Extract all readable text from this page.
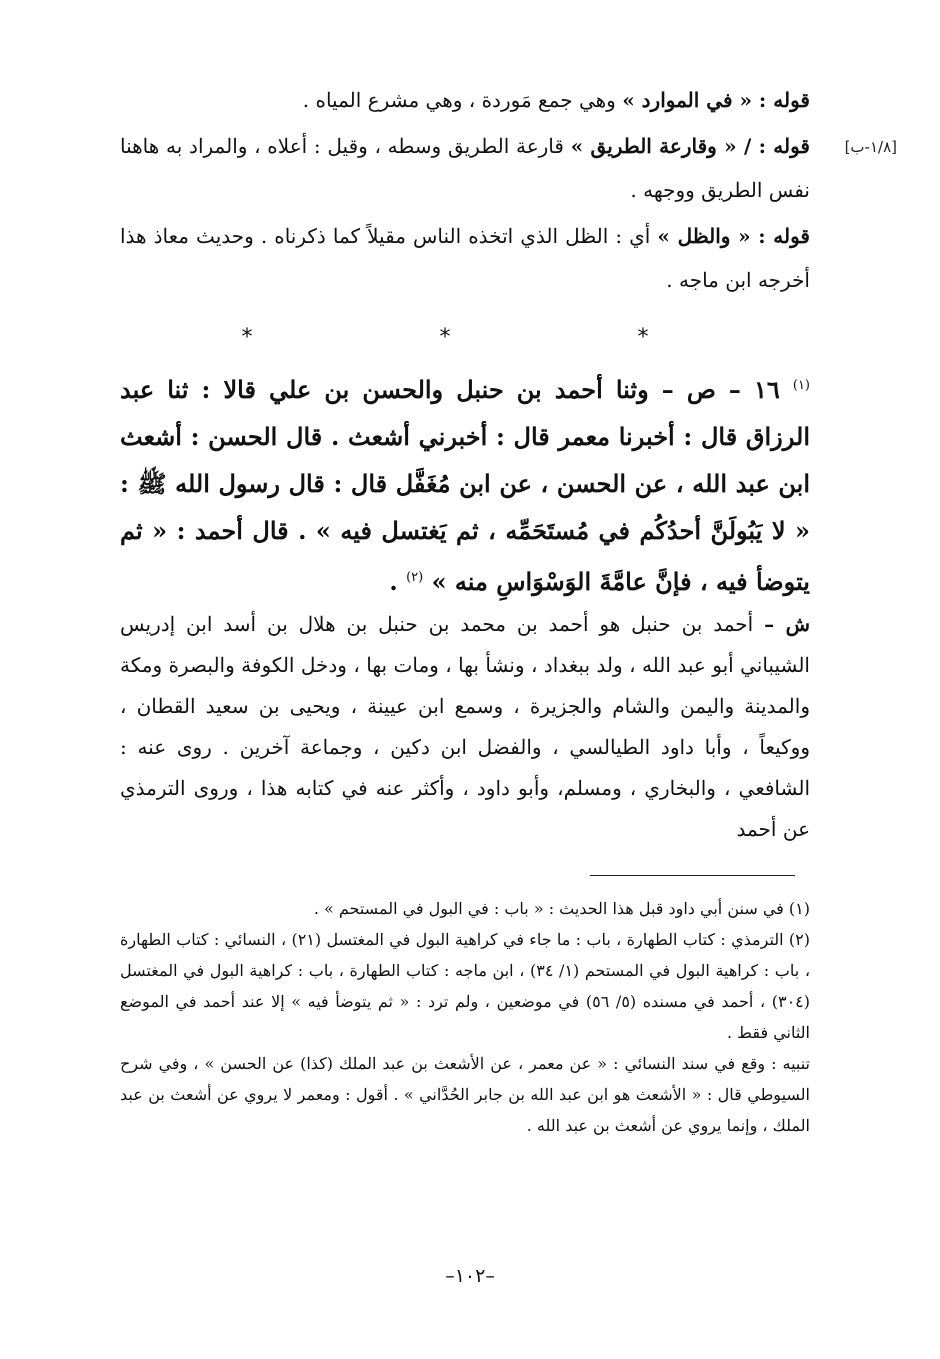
[١/٨-ب]

قوله : « في الموارد » وهي جمع مَوردة ، وهي مشرع المياه .

قوله : / « وقارعة الطريق » قارعة الطريق وسطه ، وقيل : أعلاه ، والمراد به هاهنا نفس الطريق ووجهه .

قوله : « والظل » أي : الظل الذي اتخذه الناس مقيلاً كما ذكرناه . وحديث معاذ هذا أخرجه ابن ماجه .

* * *

$^{(١)}$ ١٦ – ص – وثنا أحمد بن حنبل والحسن بن علي قالا : ثنا عبد الرزاق قال : أخبرنا معمر قال : أخبرني أشعث . قال الحسن : أشعث ابن عبد الله ، عن الحسن ، عن ابن مُغَفَّل قال : قال رسول الله ﷺ : « لا يَبُولَنَّ أحدُكُم في مُستَحَمِّه ، ثم يَغتسل فيه » . قال أحمد : « ثم يتوضأ فيه ، فإنَّ عامَّةَ الوَسْوَاسِ منه » $^{(٢)}$ .

ش – أحمد بن حنبل هو أحمد بن محمد بن حنبل بن هلال بن أسد ابن إدريس الشيباني أبو عبد الله ، ولد ببغداد ، ونشأ بها ، ومات بها ، ودخل الكوفة والبصرة ومكة والمدينة واليمن والشام والجزيرة ، وسمع ابن عيينة ، ويحيى بن سعيد القطان ، ووكيعاً ، وأبا داود الطيالسي ، والفضل ابن دكين ، وجماعة آخرين . روى عنه : الشافعي ، والبخاري ، ومسلم، وأبو داود ، وأكثر عنه في كتابه هذا ، وروى الترمذي عن أحمد

(١) في سنن أبي داود قبل هذا الحديث : « باب : في البول في المستحم » .

(٢) الترمذي : كتاب الطهارة ، باب : ما جاء في كراهية البول في المغتسل (٢١) ، النسائي : كتاب الطهارة ، باب : كراهية البول في المستحم (١/ ٣٤) ، ابن ماجه : كتاب الطهارة ، باب : كراهية البول في المغتسل (٣٠٤) ، أحمد في مسنده (٥/ ٥٦) في موضعين ، ولم ترد : « ثم يتوضأ فيه » إلا عند أحمد في الموضع الثاني فقط .

تنبيه : وقع في سند النسائي : « عن معمر ، عن الأشعث بن عبد الملك (كذا) عن الحسن » ، وفي شرح السيوطي قال : « الأشعث هو ابن عبد الله بن جابر الحُدَّاني » . أقول : ومعمر لا يروي عن أشعث بن عبد الملك ، وإنما يروي عن أشعث بن عبد الله .

–١٠٢–
